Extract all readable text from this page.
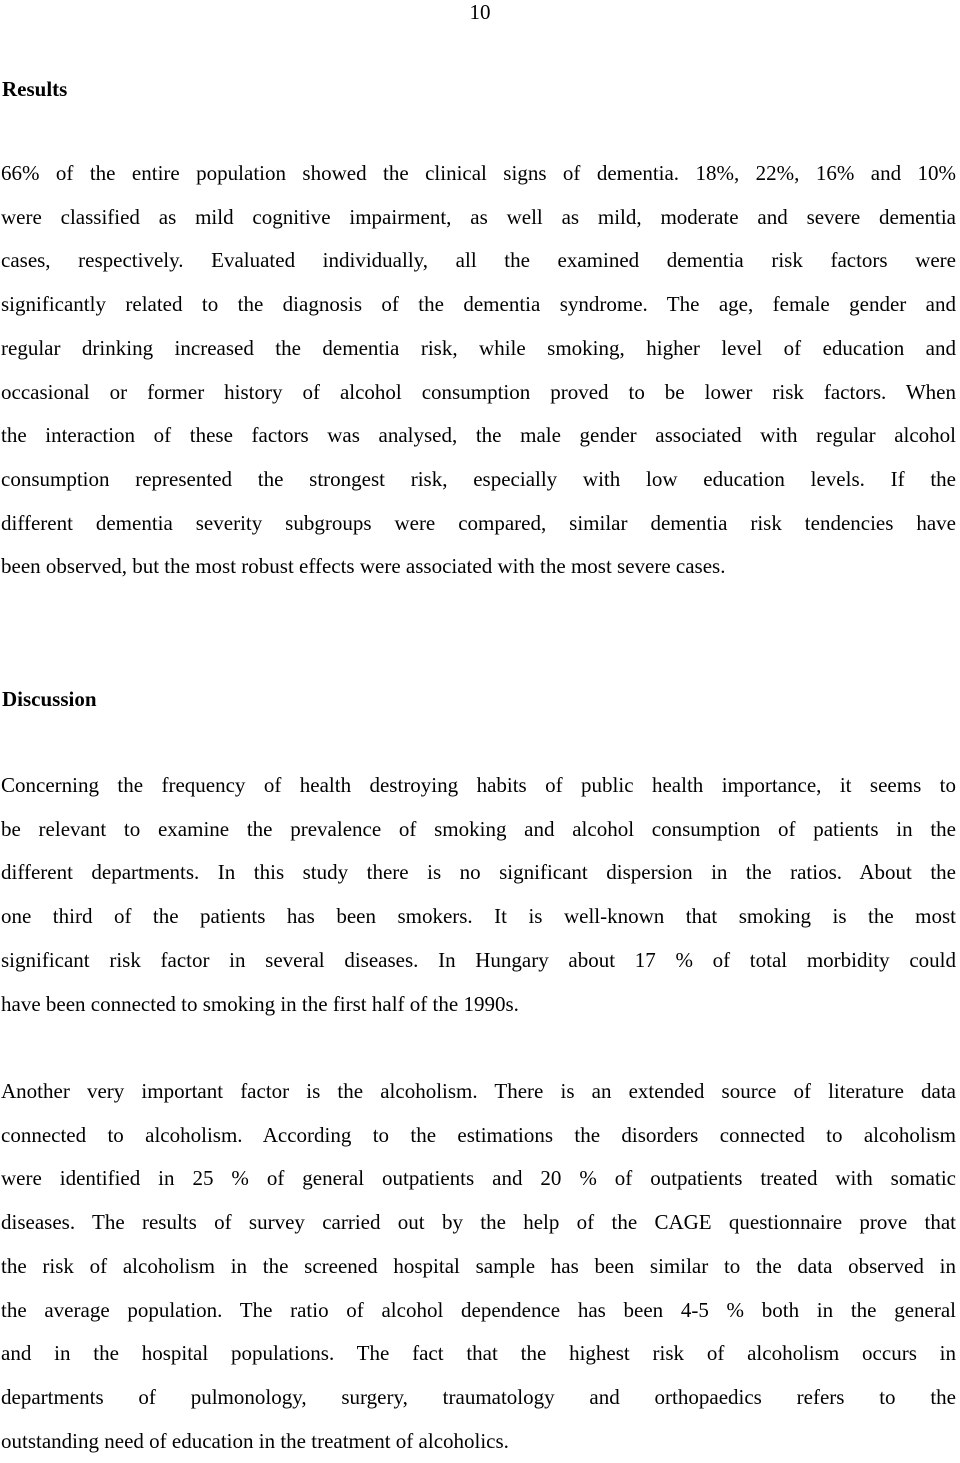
10
Results
66% of the entire population showed the clinical signs of dementia. 18%, 22%, 16% and 10%
were classified as mild cognitive impairment, as well as mild, moderate and severe dementia
cases, respectively. Evaluated individually, all the examined dementia risk factors were
significantly related to the diagnosis of the dementia syndrome. The age, female gender and
regular drinking increased the dementia risk, while smoking, higher level of education and
occasional or former history of alcohol consumption proved to be lower risk factors. When
the interaction of these factors was analysed, the male gender associated with regular alcohol
consumption represented the strongest risk, especially with low education levels. If the
different dementia severity subgroups were compared, similar dementia risk tendencies have
been observed, but the most robust effects were associated with the most severe cases.
Discussion
Concerning the frequency of health destroying habits of public health importance, it seems to
be relevant to examine the prevalence of smoking and alcohol consumption of patients in the
different departments. In this study there is no significant dispersion in the ratios. About the
one third of the patients has been smokers. It is well-known that smoking is the most
significant risk factor in several diseases. In Hungary about 17 % of total morbidity could
have been connected to smoking in the first half of the 1990s.
Another very important factor is the alcoholism. There is an extended source of literature data
connected to alcoholism. According to the estimations the disorders connected to alcoholism
were identified in 25 % of general outpatients and 20 % of outpatients treated with somatic
diseases. The results of survey carried out by the help of the CAGE questionnaire prove that
the risk of alcoholism in the screened hospital sample has been similar to the data observed in
the average population. The ratio of alcohol dependence has been 4-5 % both in the general
and in the hospital populations. The fact that the highest risk of alcoholism occurs in
departments of pulmonology, surgery, traumatology and orthopaedics refers to the
outstanding need of education in the treatment of alcoholics.
